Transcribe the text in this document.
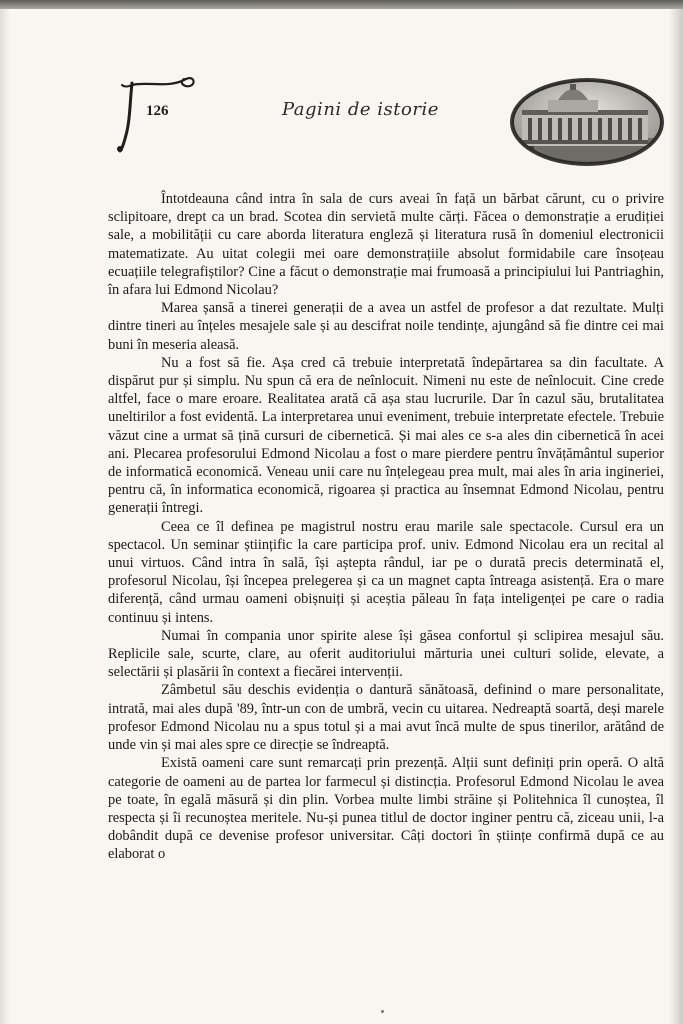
126	Pagini de istorie

Întotdeauna când intra în sala de curs aveai în față un bărbat cărunt, cu o privire sclipitoare, drept ca un brad. Scotea din servietă multe cărți. Făcea o demonstrație a erudiției sale, a mobilității cu care aborda literatura engleză și literatura rusă în domeniul electronicii matematizate. Au uitat colegii mei oare demonstrațiile absolut formidabile care însoțeau ecuațiile telegrafiștilor? Cine a făcut o demonstrație mai frumoasă a principiului lui Pantriaghin, în afara lui Edmond Nicolau?

Marea șansă a tinerei generații de a avea un astfel de profesor a dat rezultate. Mulți dintre tineri au înțeles mesajele sale și au descifrat noile tendințe, ajungând să fie dintre cei mai buni în meseria aleasă.

Nu a fost să fie. Așa cred că trebuie interpretată îndepărtarea sa din facultate. A dispărut pur și simplu. Nu spun că era de neînlocuit. Nimeni nu este de neînlocuit. Cine crede altfel, face o mare eroare. Realitatea arată că așa stau lucrurile. Dar în cazul său, brutalitatea uneltirilor a fost evidentă. La interpretarea unui eveniment, trebuie interpretate efectele. Trebuie văzut cine a urmat să țină cursuri de cibernetică. Și mai ales ce s-a ales din cibernetică în acei ani. Plecarea profesorului Edmond Nicolau a fost o mare pierdere pentru învățământul superior de informatică economică. Veneau unii care nu înțelegeau prea mult, mai ales în aria ingineriei, pentru că, în informatica economică, rigoarea și practica au însemnat Edmond Nicolau, pentru generații întregi.

Ceea ce îl definea pe magistrul nostru erau marile sale spectacole. Cursul era un spectacol. Un seminar științific la care participa prof. univ. Edmond Nicolau era un recital al unui virtuos. Când intra în sală, își aștepta rândul, iar pe o durată precis determinată el, profesorul Nicolau, își începea prelegerea și ca un magnet capta întreaga asistență. Era o mare diferență, când urmau oameni obișnuiți și aceștia păleau în fața inteligenței pe care o radia continuu și intens.

Numai în compania unor spirite alese își găsea confortul și sclipirea mesajul său. Replicile sale, scurte, clare, au oferit auditoriului mărturia unei culturi solide, elevate, a selectării și plasării în context a fiecărei intervenții.

Zâmbetul său deschis evidenția o dantură sănătoasă, definind o mare personalitate, intrată, mai ales după '89, într-un con de umbră, vecin cu uitarea. Nedreaptă soartă, deși marele profesor Edmond Nicolau nu a spus totul și a mai avut încă multe de spus tinerilor, arătând de unde vin și mai ales spre ce direcție se îndreaptă.

Există oameni care sunt remarcați prin prezență. Alții sunt definiți prin operă. O altă categorie de oameni au de partea lor farmecul și distincția. Profesorul Edmond Nicolau le avea pe toate, în egală măsură și din plin. Vorbea multe limbi străine și Politehnica îl cunoștea, îl respecta și îi recunoștea meritele. Nu-și punea titlul de doctor inginer pentru că, ziceau unii, l-a dobândit după ce devenise profesor universitar. Câți doctori în științe confirmă după ce au elaborat o
